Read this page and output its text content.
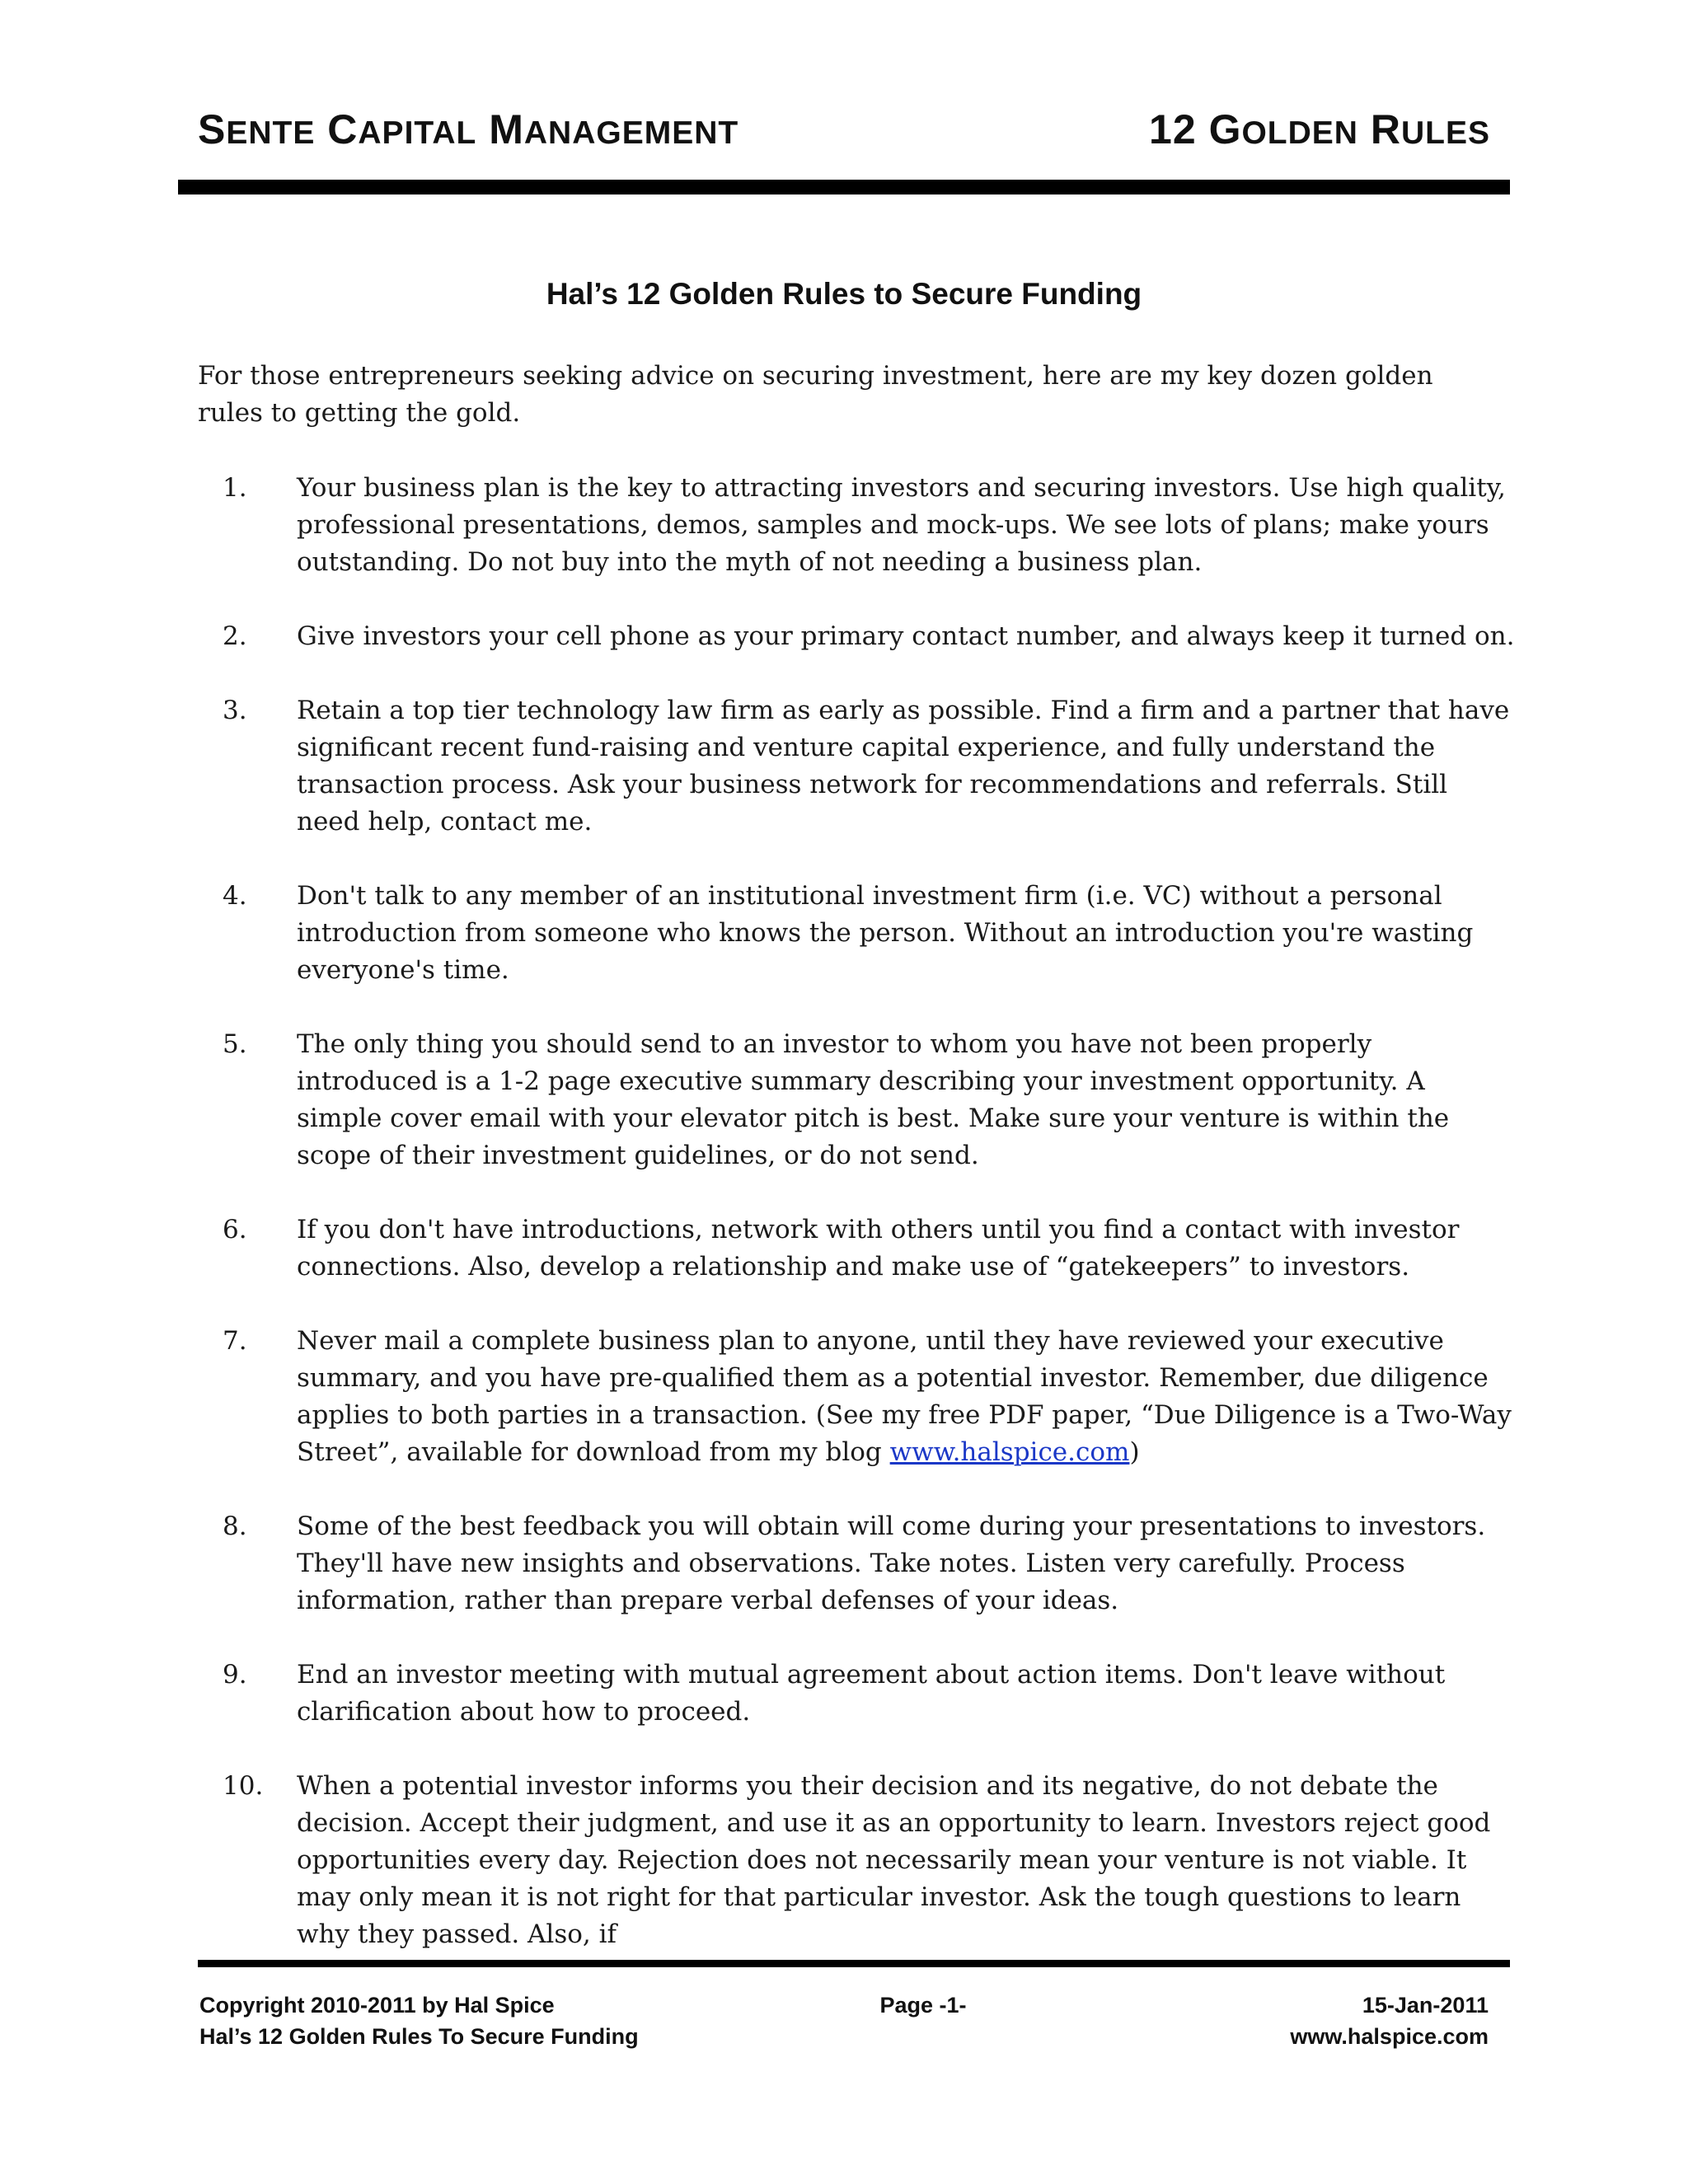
SENTE CAPITAL MANAGEMENT	12 GOLDEN RULES
Hal’s 12 Golden Rules to Secure Funding
For those entrepreneurs seeking advice on securing investment, here are my key dozen golden rules to getting the gold.
1.	Your business plan is the key to attracting investors and securing investors. Use high quality, professional presentations, demos, samples and mock-ups. We see lots of plans; make yours outstanding. Do not buy into the myth of not needing a business plan.
2.	Give investors your cell phone as your primary contact number, and always keep it turned on.
3.	Retain a top tier technology law firm as early as possible. Find a firm and a partner that have significant recent fund-raising and venture capital experience, and fully understand the transaction process. Ask your business network for recommendations and referrals. Still need help, contact me.
4.	Don't talk to any member of an institutional investment firm (i.e. VC) without a personal introduction from someone who knows the person. Without an introduction you're wasting everyone's time.
5.	The only thing you should send to an investor to whom you have not been properly introduced is a 1-2 page executive summary describing your investment opportunity. A simple cover email with your elevator pitch is best. Make sure your venture is within the scope of their investment guidelines, or do not send.
6.	If you don't have introductions, network with others until you find a contact with investor connections. Also, develop a relationship and make use of “gatekeepers” to investors.
7.	Never mail a complete business plan to anyone, until they have reviewed your executive summary, and you have pre-qualified them as a potential investor. Remember, due diligence applies to both parties in a transaction. (See my free PDF paper, “Due Diligence is a Two-Way Street”, available for download from my blog www.halspice.com)
8.	Some of the best feedback you will obtain will come during your presentations to investors. They'll have new insights and observations. Take notes. Listen very carefully. Process information, rather than prepare verbal defenses of your ideas.
9.	End an investor meeting with mutual agreement about action items. Don't leave without clarification about how to proceed.
10.	When a potential investor informs you their decision and its negative, do not debate the decision. Accept their judgment, and use it as an opportunity to learn. Investors reject good opportunities every day. Rejection does not necessarily mean your venture is not viable. It may only mean it is not right for that particular investor. Ask the tough questions to learn why they passed. Also, if
Copyright 2010-2011 by Hal Spice
Hal’s 12 Golden Rules To Secure Funding
Page -1-	15-Jan-2011
www.halspice.com
